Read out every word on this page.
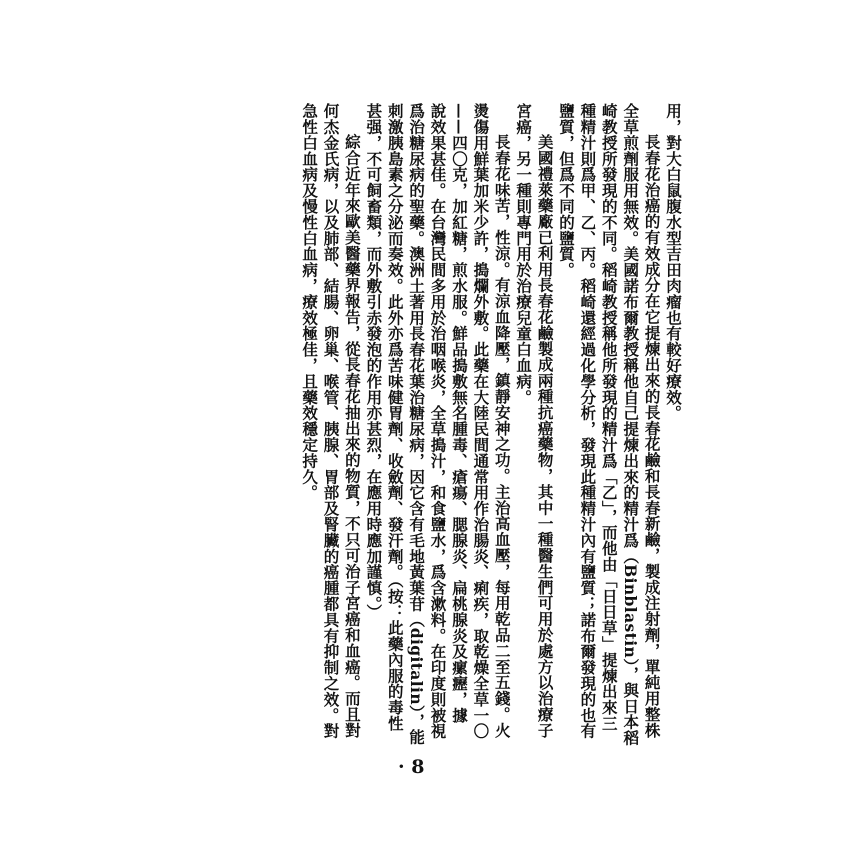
用，對大白鼠腹水型吉田肉瘤也有較好療效。
長春花治癌的有效成分在它提煉出來的長春花鹼和長春新鹼，製成注射劑，單純用整株
全草煎劑服用無效。美國諾布爾教授稱他自己提煉出來的精汁爲（Binblastin），與日本稻
崎教授所發現的不同。稻崎教授稱他所發現的精汁爲「乙」，而他由「日日草」提煉出來三
種精汁則爲甲、乙、丙。稻崎還經過化學分析，發現此種精汁內有鹽質；諾布爾發現的也有
鹽質，但爲不同的鹽質。
美國禮萊藥廠已利用長春花鹼製成兩種抗癌藥物，其中一種醫生們可用於處方以治療子
宮癌，另一種則專門用於治療兒童白血病。
長春花味苦，性涼。有涼血降壓，鎮靜安神之功。主治高血壓，每用乾品二至五錢。火
燙傷用鮮葉加米少許，搗爛外敷。此藥在大陸民間通常用作治腸炎、痢疾，取乾燥全草一〇
——四〇克，加紅糖，煎水服。鮮品搗敷無名腫毒、瘡瘍、腮腺炎、扁桃腺炎及瘰癧，據
說效果甚佳。在台灣民間多用於治咽喉炎，全草搗汁，和食鹽水，爲含漱料。在印度則被視
爲治糖尿病的聖藥。澳洲土著用長春花葉治糖尿病，因它含有毛地黃葉苷（digitalin），能
刺激胰島素之分泌而奏效。此外亦爲苦味健胃劑、收斂劑、發汗劑。（按：此藥內服的毒性
甚强，不可飼畜類，而外敷引赤發泡的作用亦甚烈，在應用時應加謹慎。）
綜合近年來歐美醫藥界報告，從長春花抽出來的物質，不只可治子宮癌和血癌。而且對
何杰金氏病，以及肺部、結腸、卵巢、喉管、胰腺、胃部及腎臟的癌腫都具有抑制之效。對
急性白血病及慢性白血病，療效極佳，且藥效穩定持久。
· 8
